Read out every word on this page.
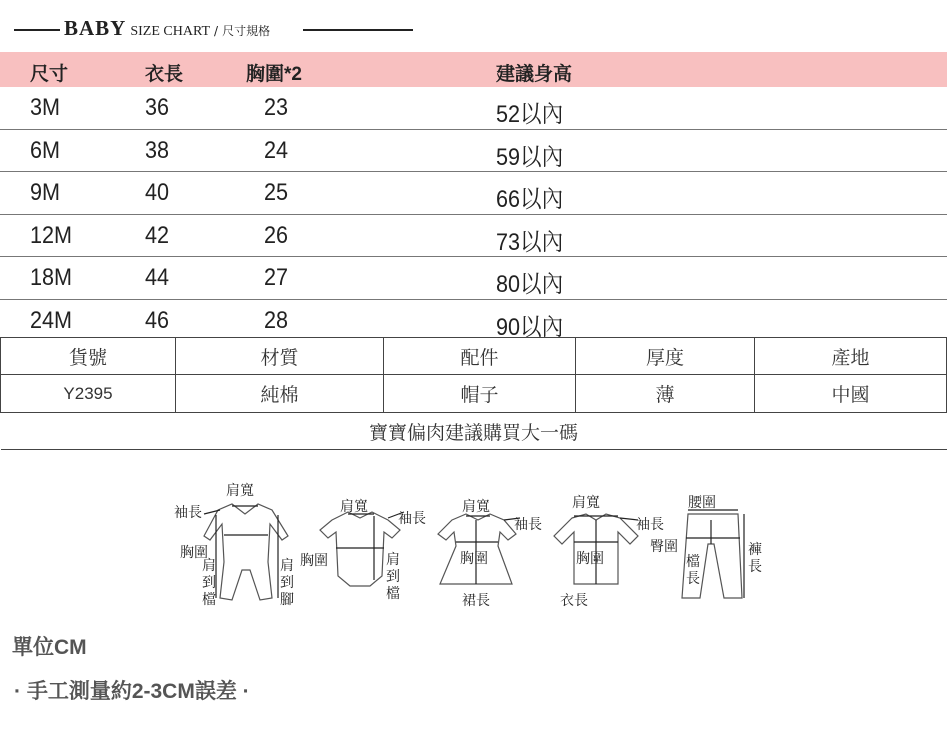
BABY SIZE CHART / 尺寸規格
尺寸	衣長	胸圍*2	建議身高
3M	36	23	52以內
6M	38	24	59以內
9M	40	25	66以內
12M	42	26	73以內
18M	44	27	80以內
24M	46	28	90以內
貨號	材質	配件	厚度	產地
Y2395	純棉	帽子	薄	中國
寶寶偏肉建議購買大一碼				
肩寬
袖長
胸圍
肩到檔
肩到腳
肩寬
袖長
胸圍	肩到檔
肩寬
袖長
胸圍
裙長
肩寬
袖長
胸圍
衣長
腰圍
臀圍
檔長
褲長
單位CM
· 手工測量約2-3CM誤差 ·
